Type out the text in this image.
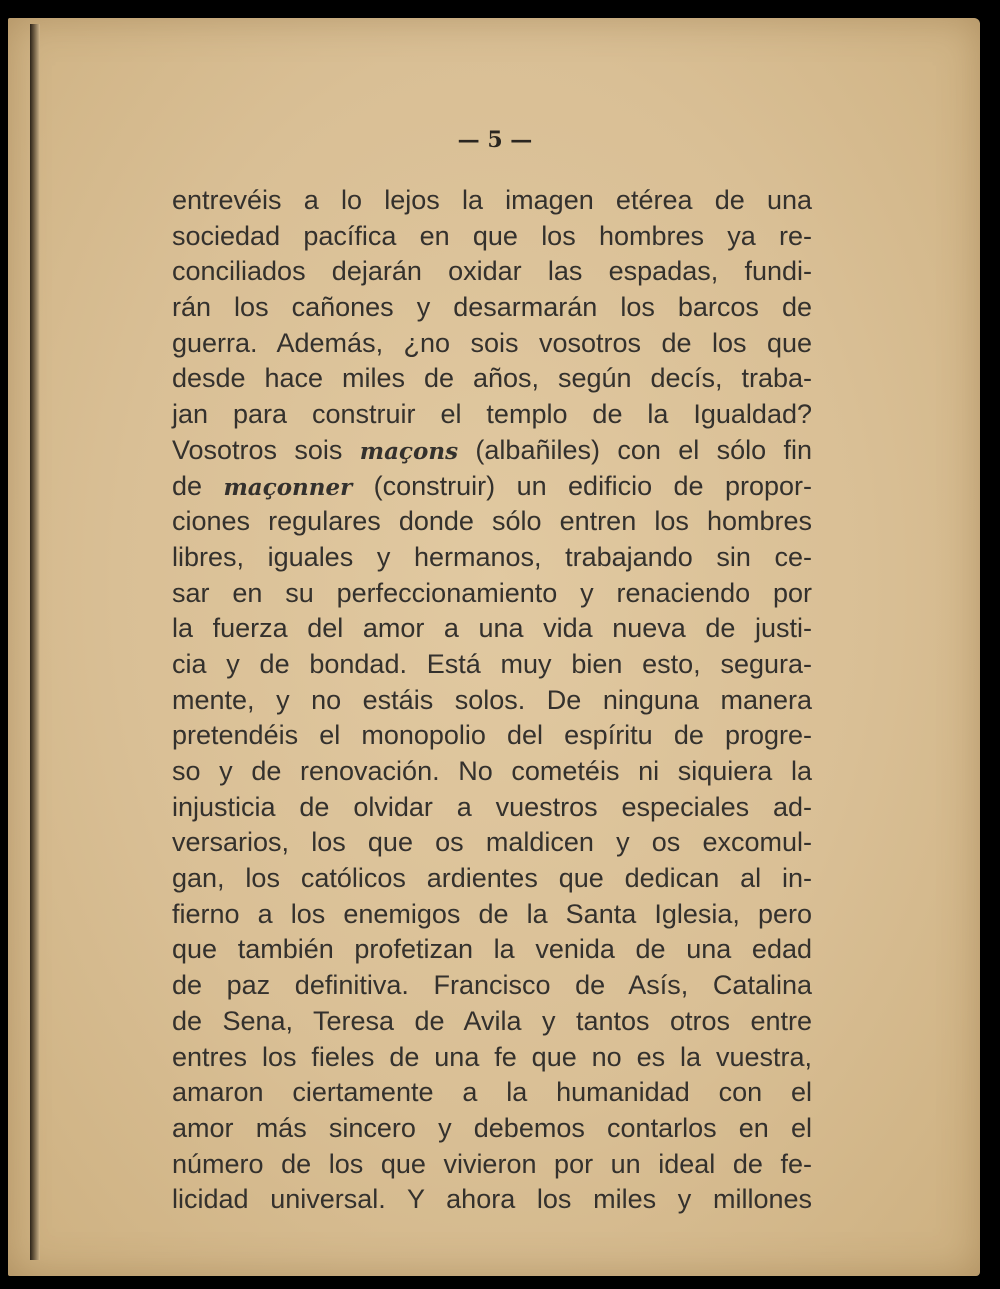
— 5 —
entrevéis a lo lejos la imagen etérea de una
sociedad pacífica en que los hombres ya re-
conciliados dejarán oxidar las espadas, fundi-
rán los cañones y desarmarán los barcos de
guerra. Además, ¿no sois vosotros de los que
desde hace miles de años, según decís, traba-
jan para construir el templo de la Igualdad?
Vosotros sois maçons (albañiles) con el sólo fin
de maçonner (construir) un edificio de propor-
ciones regulares donde sólo entren los hombres
libres, iguales y hermanos, trabajando sin ce-
sar en su perfeccionamiento y renaciendo por
la fuerza del amor a una vida nueva de justi-
cia y de bondad. Está muy bien esto, segura-
mente, y no estáis solos. De ninguna manera
pretendéis el monopolio del espíritu de progre-
so y de renovación. No cometéis ni siquiera la
injusticia de olvidar a vuestros especiales ad-
versarios, los que os maldicen y os excomul-
gan, los católicos ardientes que dedican al in-
fierno a los enemigos de la Santa Iglesia, pero
que también profetizan la venida de una edad
de paz definitiva. Francisco de Asís, Catalina
de Sena, Teresa de Avila y tantos otros entre
entres los fieles de una fe que no es la vuestra,
amaron ciertamente a la humanidad con el
amor más sincero y debemos contarlos en el
número de los que vivieron por un ideal de fe-
licidad universal. Y ahora los miles y millones
